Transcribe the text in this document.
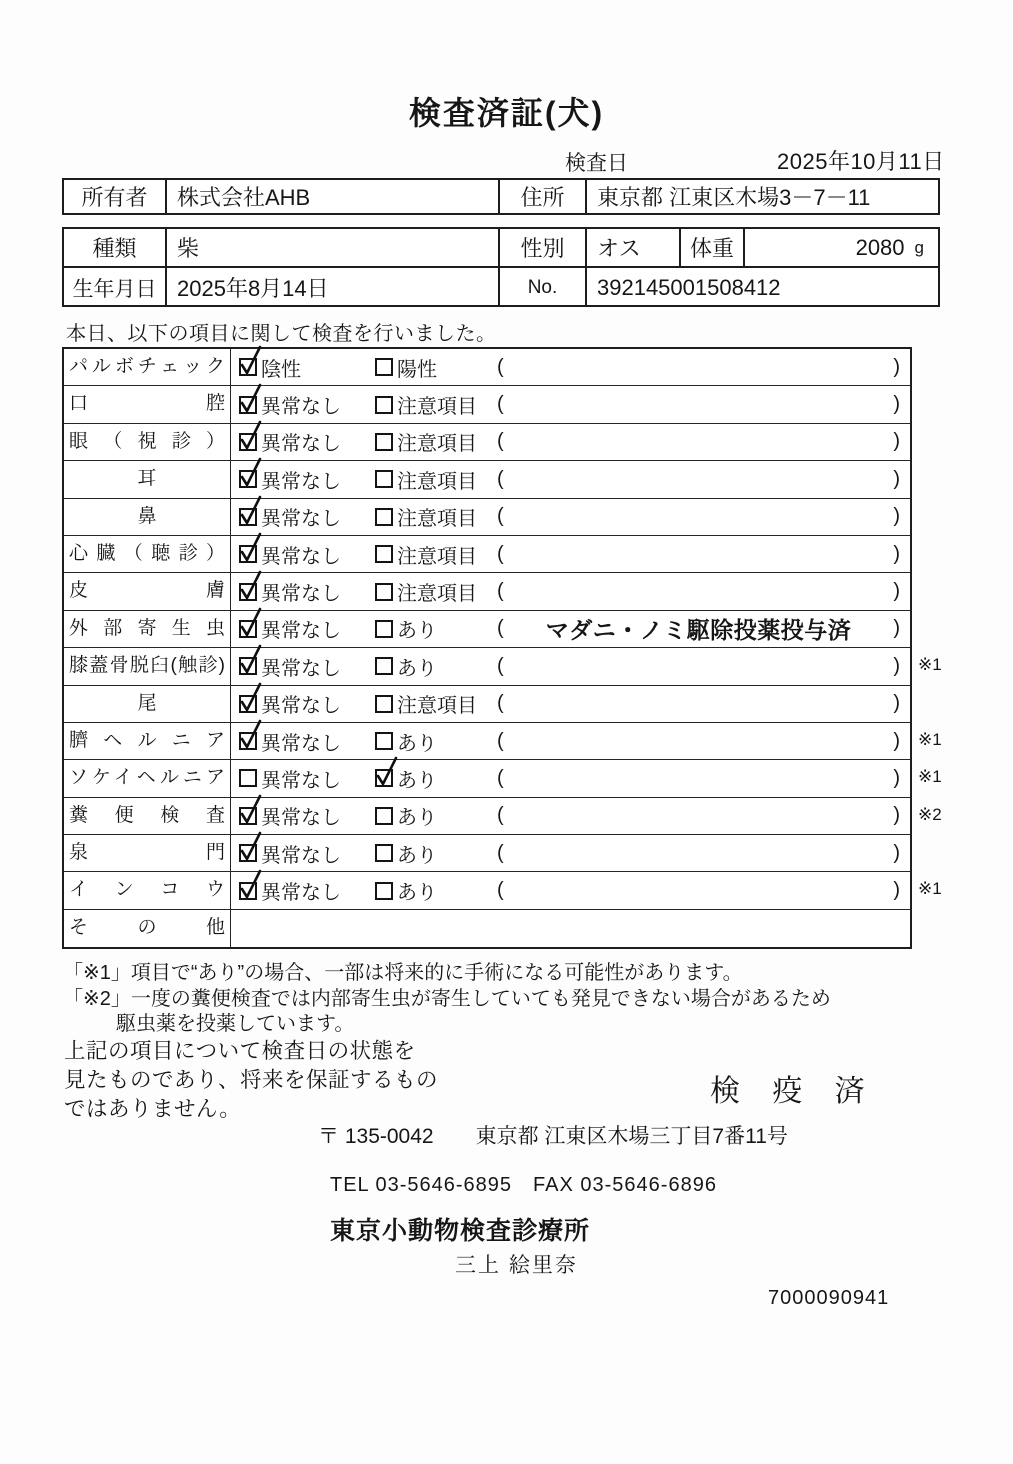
検査済証(犬)
検査日	2025年10月11日
所有者	株式会社AHB	住所	東京都 江東区木場3－7－11
種類	柴	性別	オス	体重	2080 g
生年月日 2025年8月14日	No.	392145001508412
本日、以下の項目に関して検査を行いました。
パルボチェック	陰性	陽性	(	)
口腔	異常なし	注意項目 (	)
眼（視診）	異常なし	注意項目 (	)
耳	異常なし	注意項目 (	)
鼻	異常なし	注意項目 (	)
心臓（聴診）	異常なし	注意項目 (	)
皮膚	異常なし	注意項目 (	)
外部寄生虫	異常なし	あり	( マダニ・ノミ駆除投薬投与済 )
膝蓋骨脱臼(触診)	異常なし	あり	(	) ※1
尾	異常なし	注意項目 (	)
臍ヘルニア	異常なし	あり	(	) ※1
ソケイヘルニア	異常なし	あり	(	) ※1
糞便検査	異常なし	あり	(	) ※2
泉門	異常なし	あり	(	)
インコウ	異常なし	あり	(	) ※1
その他
「※1」項目で“あり”の場合、一部は将来的に手術になる可能性があります。
「※2」一度の糞便検査では内部寄生虫が寄生していても発見できない場合があるため
駆虫薬を投薬しています。
上記の項目について検査日の状態を
見たものであり、将来を保証するもの
ではありません。
検 疫 済
〒 135-0042 東京都 江東区木場三丁目7番11号
TEL 03-5646-6895　FAX 03-5646-6896
東京小動物検査診療所
三上 絵里奈
7000090941
